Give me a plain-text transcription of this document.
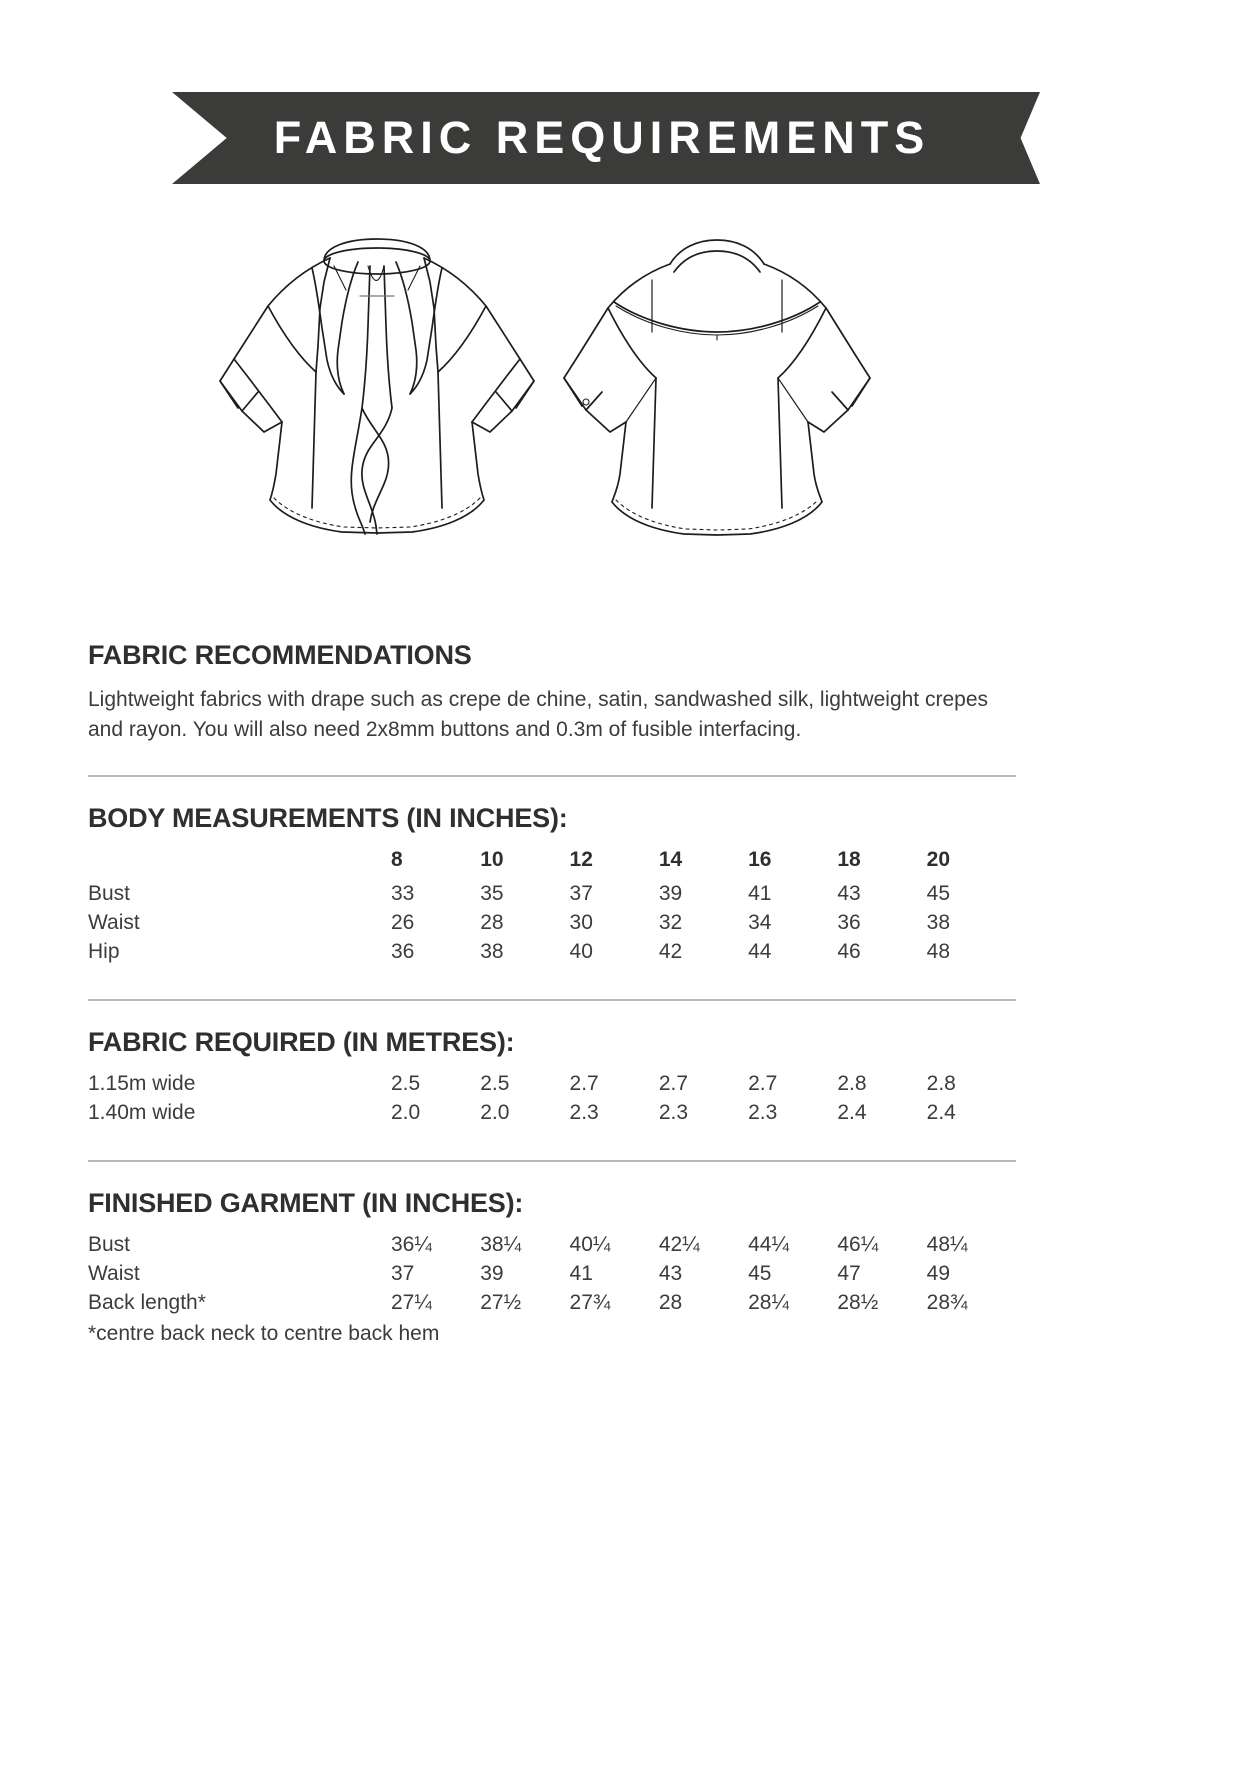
FABRIC REQUIREMENTS
FABRIC RECOMMENDATIONS
Lightweight fabrics with drape such as crepe de chine, satin, sandwashed silk, lightweight crepes and rayon. You will also need 2x8mm buttons and 0.3m of fusible interfacing.
BODY MEASUREMENTS (IN INCHES):
	8	10	12	14	16	18	20
Bust	33	35	37	39	41	43	45
Waist	26	28	30	32	34	36	38
Hip	36	38	40	42	44	46	48
FABRIC REQUIRED (IN METRES):
1.15m wide	2.5	2.5	2.7	2.7	2.7	2.8	2.8
1.40m wide	2.0	2.0	2.3	2.3	2.3	2.4	2.4
FINISHED GARMENT (IN INCHES):
Bust	36¼	38¼	40¼	42¼	44¼	46¼	48¼
Waist	37	39	41	43	45	47	49
Back length*	27¼	27½	27¾	28	28¼	28½	28¾
*centre back neck to centre back hem
